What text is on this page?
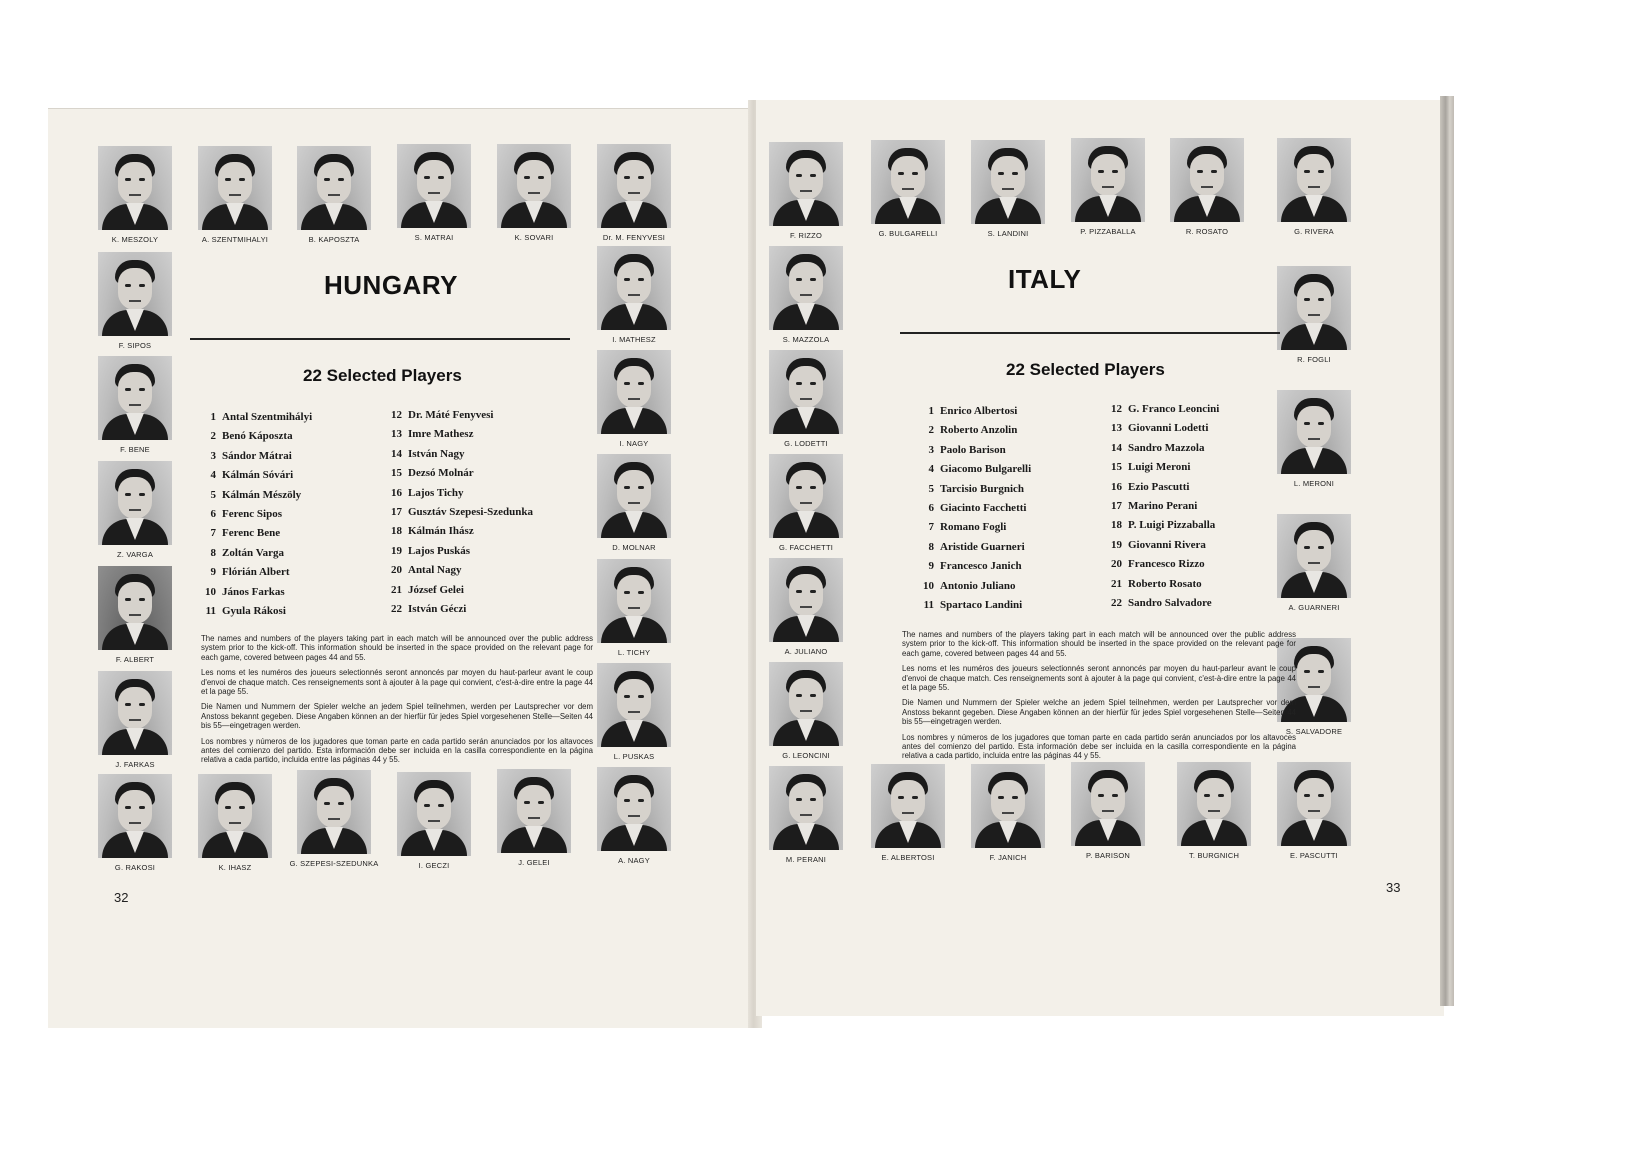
K. MESZOLY	A. SZENTMIHALYI	B. KAPOSZTA	S. MATRAI	K. SOVARI	Dr. M. FENYVESI
F. SIPOS
F. BENE
Z. VARGA
F. ALBERT
J. FARKAS
I. MATHESZ
I. NAGY
D. MOLNAR
L. TICHY
L. PUSKAS
G. RAKOSI	K. IHASZ	G. SZEPESI-SZEDUNKA	I. GECZI	J. GELEI	A. NAGY
HUNGARY
22 Selected Players
1 Antal Szentmihályi
2 Benó Káposzta
3 Sándor Mátrai
4 Kálmán Sóvári
5 Kálmán Mészöly
6 Ferenc Sipos
7 Ferenc Bene
8 Zoltán Varga
9 Flórián Albert
10 János Farkas
11 Gyula Rákosi
12 Dr. Máté Fenyvesi
13 Imre Mathesz
14 István Nagy
15 Dezsó Molnár
16 Lajos Tichy
17 Gusztáv Szepesi-Szedunka
18 Kálmán Ihász
19 Lajos Puskás
20 Antal Nagy
21 József Gelei
22 István Géczi

The names and numbers of the players taking part in each match will be announced over the public address system prior to the kick-off. This information should be inserted in the space provided on the relevant page for each game, covered between pages 44 and 55.

Les noms et les numéros des joueurs selectionnés seront annoncés par moyen du haut-parleur avant le coup d'envoi de chaque match. Ces renseignements sont à ajouter à la page qui convient, c'est-à-dire entre la page 44 et la page 55.

Die Namen und Nummern der Spieler welche an jedem Spiel teilnehmen, werden per Lautsprecher vor dem Anstoss bekannt gegeben. Diese Angaben können an der hierfür für jedes Spiel vorgesehenen Stelle—Seiten 44 bis 55—eingetragen werden.

Los nombres y números de los jugadores que toman parte en cada partido serán anunciados por los altavoces antes del comienzo del partido. Esta información debe ser incluida en la casilla correspondiente en la página relativa a cada partido, incluida entre las páginas 44 y 55.

32
F. RIZZO	G. BULGARELLI	S. LANDINI	P. PIZZABALLA	R. ROSATO	G. RIVERA
S. MAZZOLA
G. LODETTI
G. FACCHETTI
A. JULIANO
G. LEONCINI
R. FOGLI
L. MERONI
A. GUARNERI
S. SALVADORE
M. PERANI	E. ALBERTOSI	F. JANICH	P. BARISON	T. BURGNICH	E. PASCUTTI
ITALY
22 Selected Players
1 Enrico Albertosi
2 Roberto Anzolin
3 Paolo Barison
4 Giacomo Bulgarelli
5 Tarcisio Burgnich
6 Giacinto Facchetti
7 Romano Fogli
8 Aristide Guarneri
9 Francesco Janich
10 Antonio Juliano
11 Spartaco Landini
12 G. Franco Leoncini
13 Giovanni Lodetti
14 Sandro Mazzola
15 Luigi Meroni
16 Ezio Pascutti
17 Marino Perani
18 P. Luigi Pizzaballa
19 Giovanni Rivera
20 Francesco Rizzo
21 Roberto Rosato
22 Sandro Salvadore

The names and numbers of the players taking part in each match will be announced over the public address system prior to the kick-off. This information should be inserted in the space provided on the relevant page for each game, covered between pages 44 and 55.

Les noms et les numéros des joueurs selectionnés seront annoncés par moyen du haut-parleur avant le coup d'envoi de chaque match. Ces renseignements sont à ajouter à la page qui convient, c'est-à-dire entre la page 44 et la page 55.

Die Namen und Nummern der Spieler welche an jedem Spiel teilnehmen, werden per Lautsprecher vor dem Anstoss bekannt gegeben. Diese Angaben können an der hierfür für jedes Spiel vorgesehenen Stelle—Seiten 44 bis 55—eingetragen werden.

Los nombres y números de los jugadores que toman parte en cada partido serán anunciados por los altavoces antes del comienzo del partido. Esta información debe ser incluida en la casilla correspondiente en la página relativa a cada partido, incluida entre las páginas 44 y 55.

33
